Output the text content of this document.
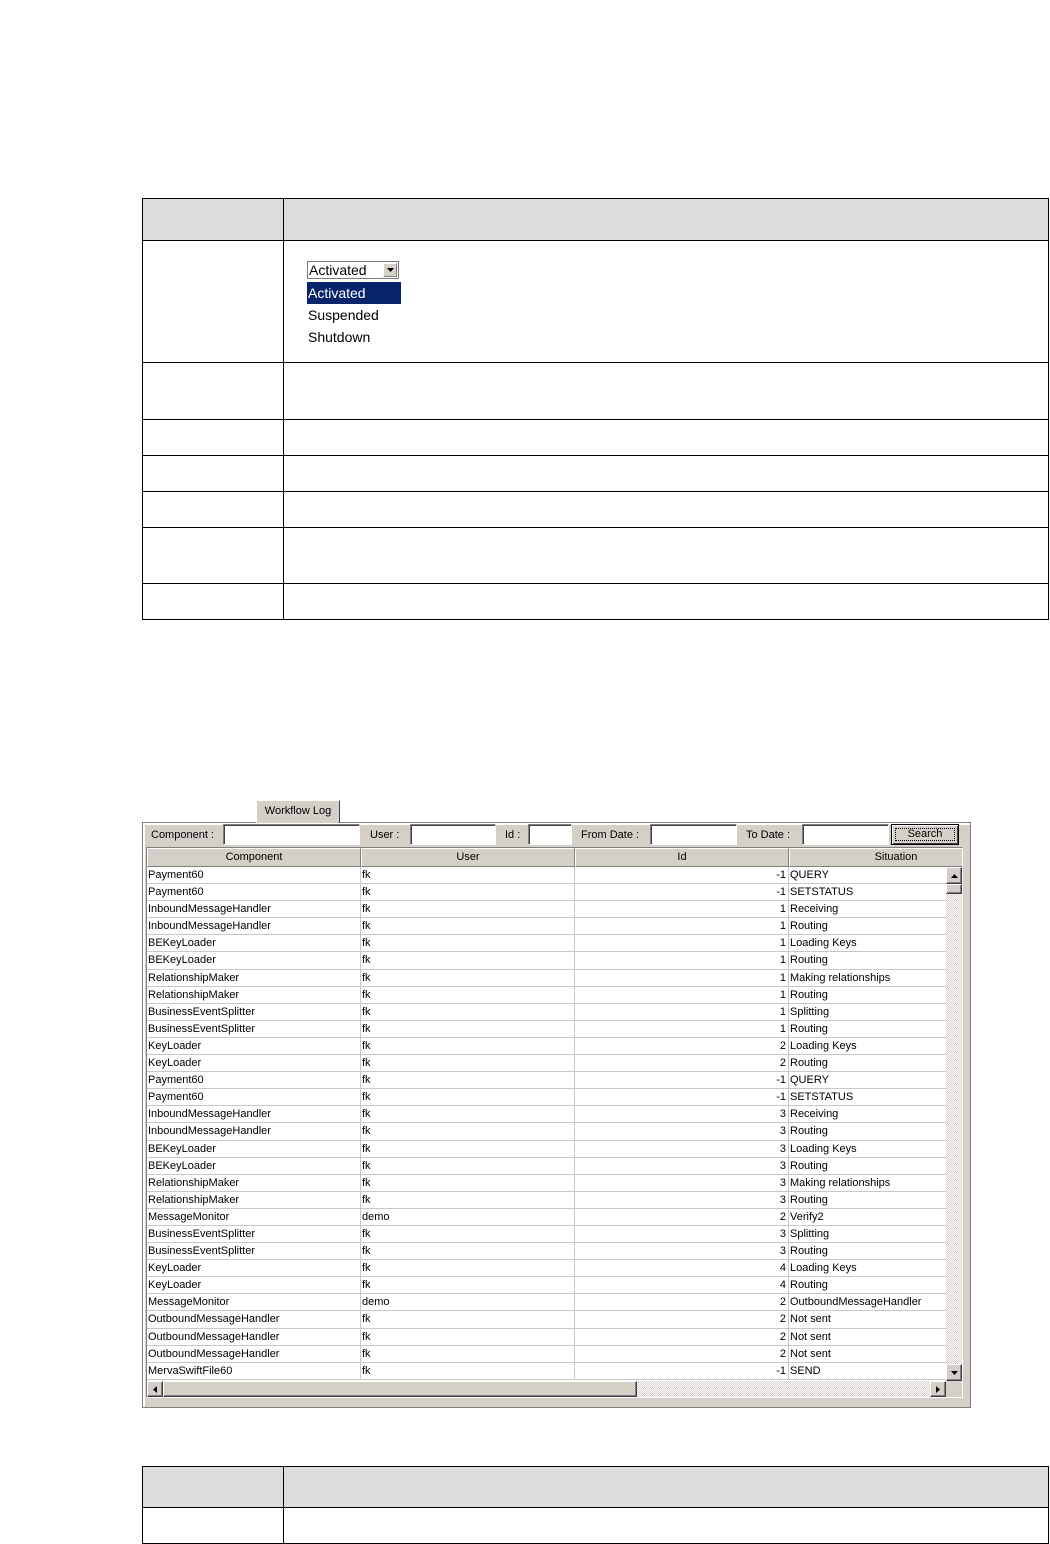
Activated
Activated
Suspended
Shutdown
Workflow Log
Component :	User :	Id :	From Date :	To Date :	Search
Component	User	Id	Situation
Payment60	fk	-1 QUERY
Payment60	fk	-1 SETSTATUS
InboundMessageHandler	fk	1 Receiving
InboundMessageHandler	fk	1 Routing
BEKeyLoader	fk	1 Loading Keys
BEKeyLoader	fk	1 Routing
RelationshipMaker	fk	1 Making relationships
RelationshipMaker	fk	1 Routing
BusinessEventSplitter	fk	1 Splitting
BusinessEventSplitter	fk	1 Routing
KeyLoader	fk	2 Loading Keys
KeyLoader	fk	2 Routing
Payment60	fk	-1 QUERY
Payment60	fk	-1 SETSTATUS
InboundMessageHandler	fk	3 Receiving
InboundMessageHandler	fk	3 Routing
BEKeyLoader	fk	3 Loading Keys
BEKeyLoader	fk	3 Routing
RelationshipMaker	fk	3 Making relationships
RelationshipMaker	fk	3 Routing
MessageMonitor	demo	2 Verify2
BusinessEventSplitter	fk	3 Splitting
BusinessEventSplitter	fk	3 Routing
KeyLoader	fk	4 Loading Keys
KeyLoader	fk	4 Routing
MessageMonitor	demo	2 OutboundMessageHandler
OutboundMessageHandler	fk	2 Not sent
OutboundMessageHandler	fk	2 Not sent
OutboundMessageHandler	fk	2 Not sent
MervaSwiftFile60	fk	-1 SEND
